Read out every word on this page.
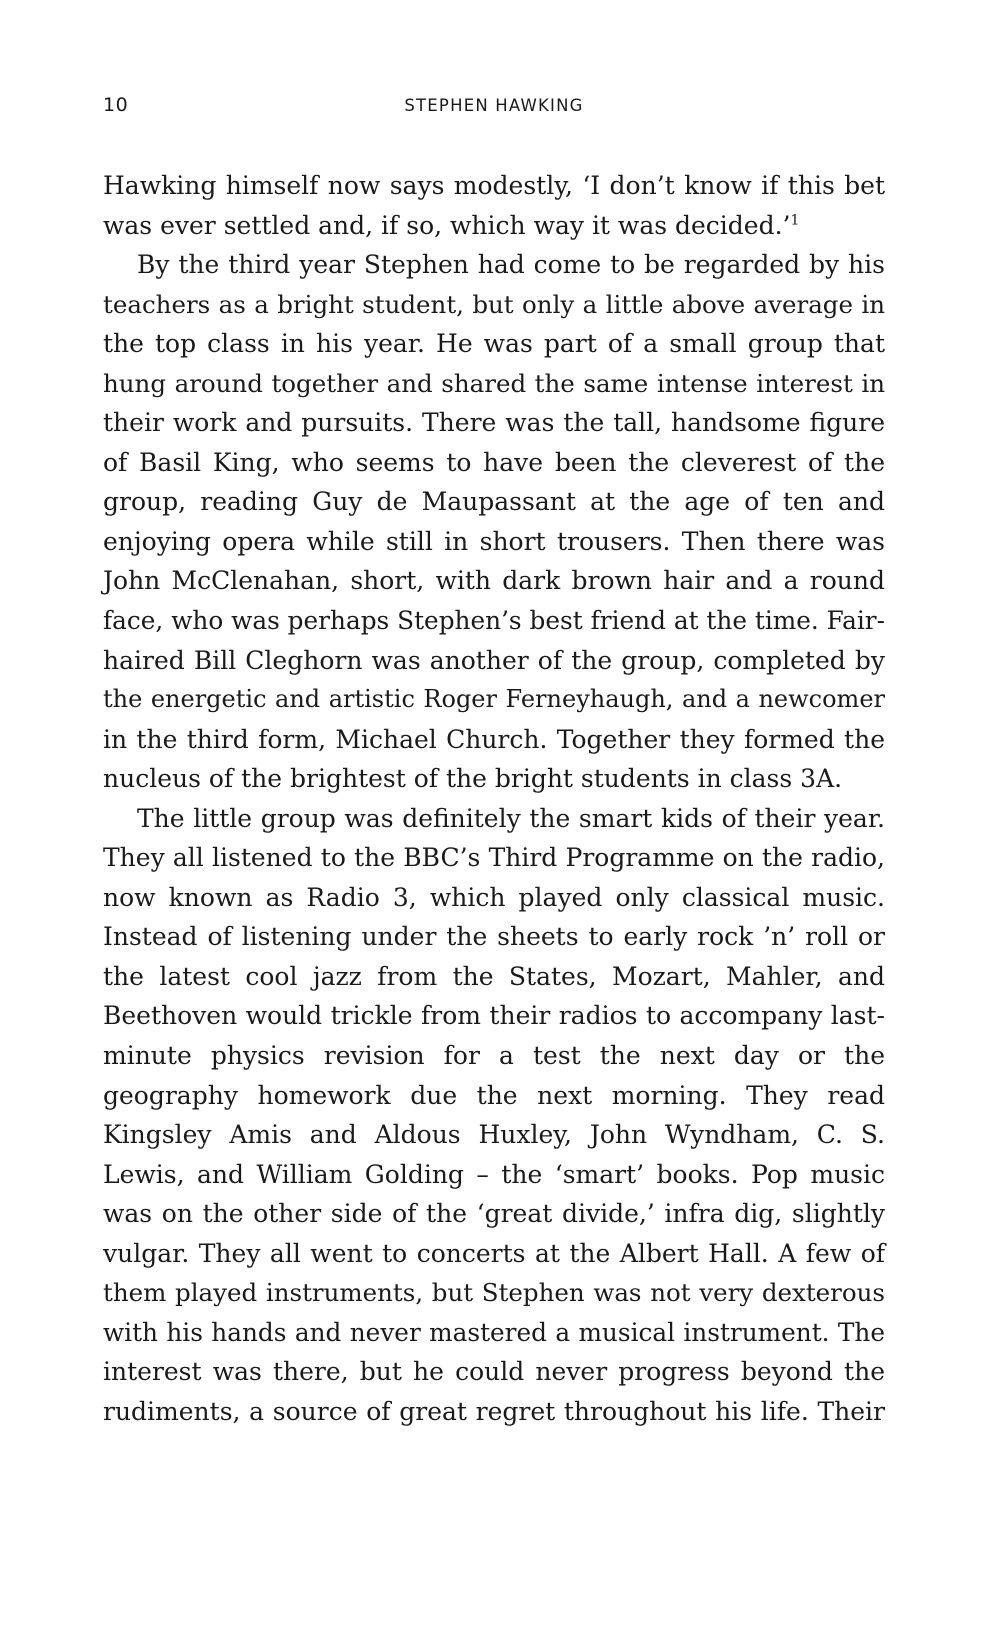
10	STEPHEN HAWKING
Hawking himself now says modestly, ‘I don’t know if this bet
was ever settled and, if so, which way it was decided.’$^1$
By the third year Stephen had come to be regarded by his
teachers as a bright student, but only a little above average in
the top class in his year. He was part of a small group that
hung around together and shared the same intense interest in
their work and pursuits. There was the tall, handsome figure
of Basil King, who seems to have been the cleverest of the
group, reading Guy de Maupassant at the age of ten and
enjoying opera while still in short trousers. Then there was
John McClenahan, short, with dark brown hair and a round
face, who was perhaps Stephen’s best friend at the time. Fair-
haired Bill Cleghorn was another of the group, completed by
the energetic and artistic Roger Ferneyhaugh, and a newcomer
in the third form, Michael Church. Together they formed the
nucleus of the brightest of the bright students in class 3A.
The little group was definitely the smart kids of their year.
They all listened to the BBC’s Third Programme on the radio,
now known as Radio 3, which played only classical music.
Instead of listening under the sheets to early rock ’n’ roll or
the latest cool jazz from the States, Mozart, Mahler, and
Beethoven would trickle from their radios to accompany last-
minute physics revision for a test the next day or the
geography homework due the next morning. They read
Kingsley Amis and Aldous Huxley, John Wyndham, C. S.
Lewis, and William Golding – the ‘smart’ books. Pop music
was on the other side of the ‘great divide,’ infra dig, slightly
vulgar. They all went to concerts at the Albert Hall. A few of
them played instruments, but Stephen was not very dexterous
with his hands and never mastered a musical instrument. The
interest was there, but he could never progress beyond the
rudiments, a source of great regret throughout his life. Their
